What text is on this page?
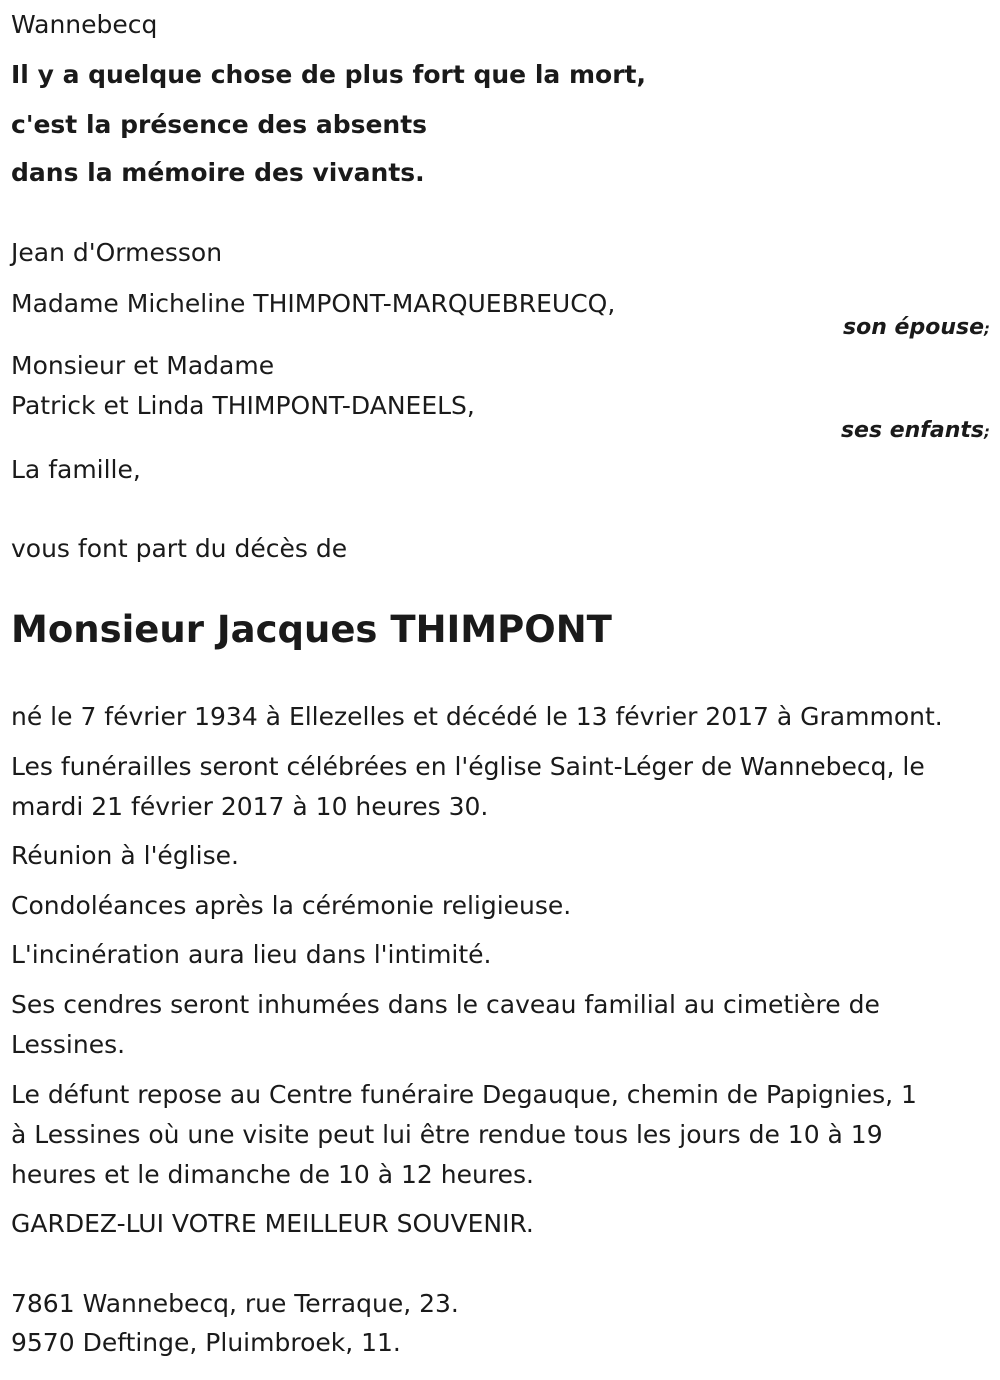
Wannebecq

Il y a quelque chose de plus fort que la mort,

c'est la présence des absents

dans la mémoire des vivants.

Jean d'Ormesson

Madame Micheline THIMPONT-MARQUEBREUCQ,

son épouse;

Monsieur et Madame

Patrick et Linda THIMPONT-DANEELS,

ses enfants;

La famille,

vous font part du décès de

Monsieur Jacques THIMPONT

né le 7 février 1934 à Ellezelles et décédé le 13 février 2017 à Grammont.

Les funérailles seront célébrées en l'église Saint-Léger de Wannebecq, le

mardi 21 février 2017 à 10 heures 30.

Réunion à l'église.

Condoléances après la cérémonie religieuse.

L'incinération aura lieu dans l'intimité.

Ses cendres seront inhumées dans le caveau familial au cimetière de

Lessines.

Le défunt repose au Centre funéraire Degauque, chemin de Papignies, 1

à Lessines où une visite peut lui être rendue tous les jours de 10 à 19

heures et le dimanche de 10 à 12 heures.

GARDEZ-LUI VOTRE MEILLEUR SOUVENIR.

7861 Wannebecq, rue Terraque, 23.

9570 Deftinge, Pluimbroek, 11.
